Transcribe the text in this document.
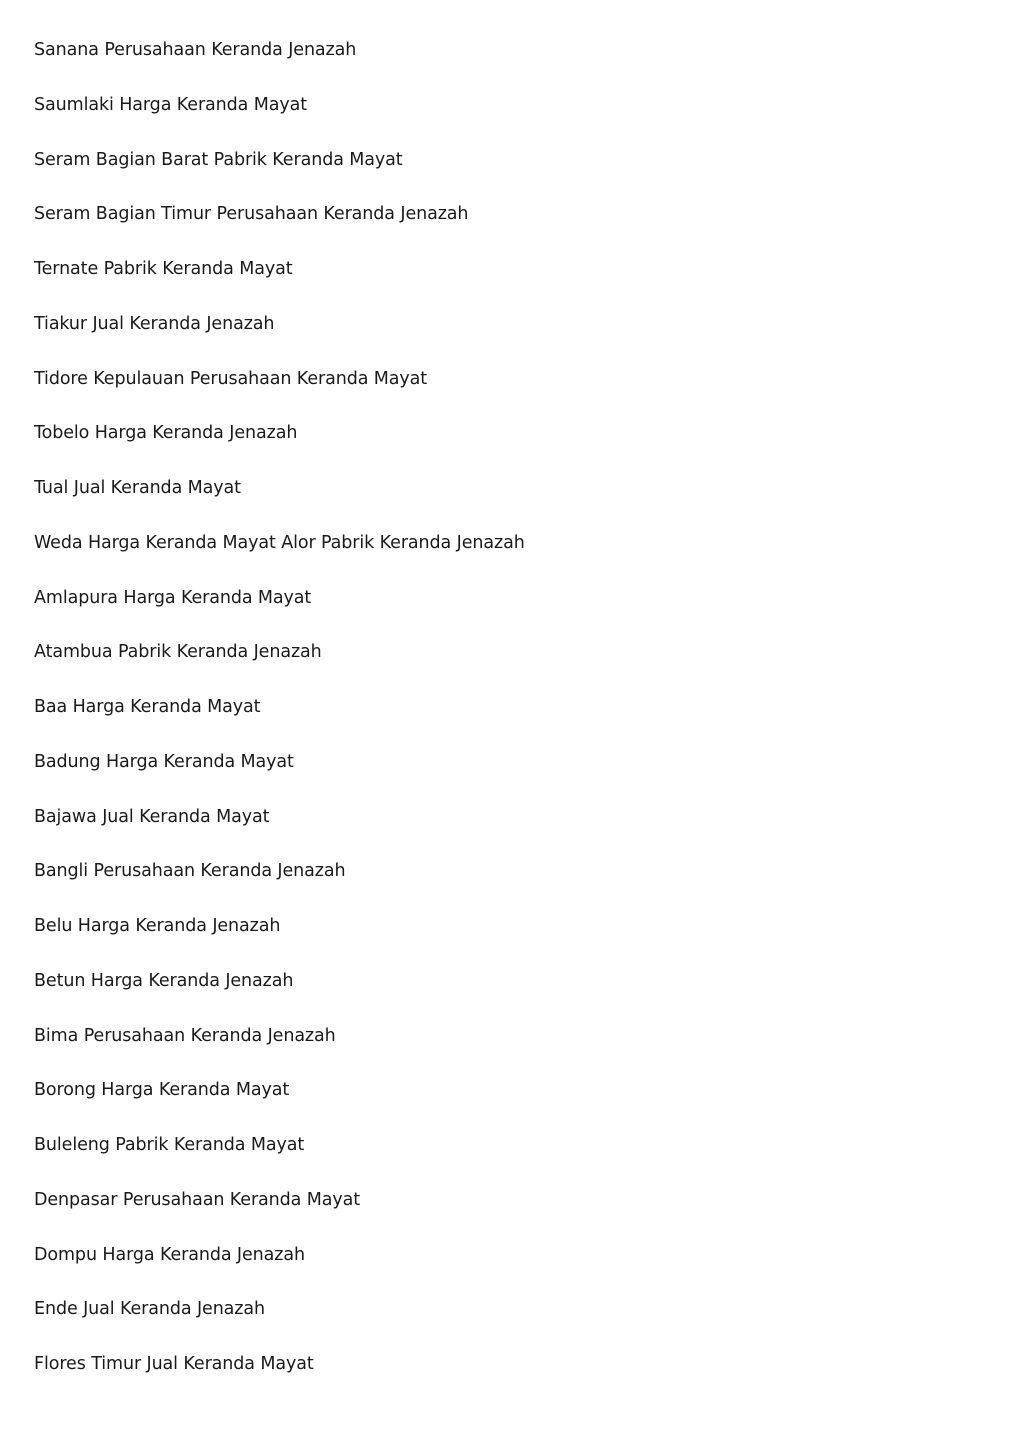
Sanana Perusahaan Keranda Jenazah
Saumlaki Harga Keranda Mayat
Seram Bagian Barat Pabrik Keranda Mayat
Seram Bagian Timur Perusahaan Keranda Jenazah
Ternate Pabrik Keranda Mayat
Tiakur Jual Keranda Jenazah
Tidore Kepulauan Perusahaan Keranda Mayat
Tobelo Harga Keranda Jenazah
Tual Jual Keranda Mayat
Weda Harga Keranda Mayat Alor Pabrik Keranda Jenazah
Amlapura Harga Keranda Mayat
Atambua Pabrik Keranda Jenazah
Baa Harga Keranda Mayat
Badung Harga Keranda Mayat
Bajawa Jual Keranda Mayat
Bangli Perusahaan Keranda Jenazah
Belu Harga Keranda Jenazah
Betun Harga Keranda Jenazah
Bima Perusahaan Keranda Jenazah
Borong Harga Keranda Mayat
Buleleng Pabrik Keranda Mayat
Denpasar Perusahaan Keranda Mayat
Dompu Harga Keranda Jenazah
Ende Jual Keranda Jenazah
Flores Timur Jual Keranda Mayat
